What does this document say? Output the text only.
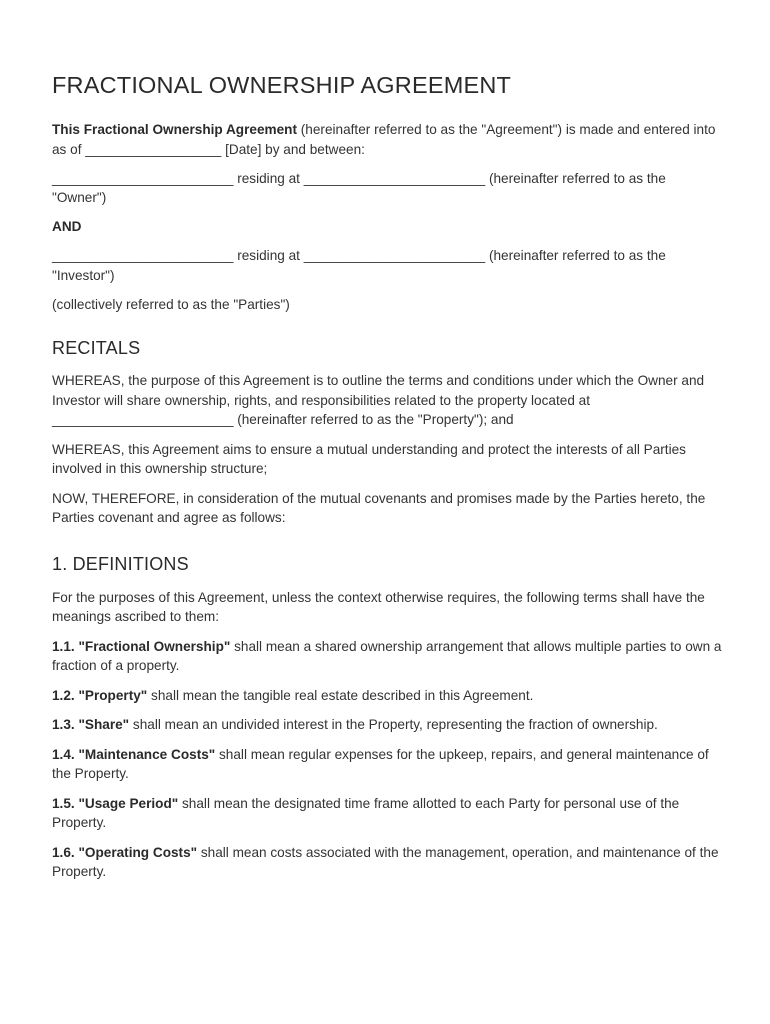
FRACTIONAL OWNERSHIP AGREEMENT

This Fractional Ownership Agreement (hereinafter referred to as the "Agreement") is made and entered into as of __________________ [Date] by and between:

________________________ residing at ________________________ (hereinafter referred to as the "Owner")

AND

________________________ residing at ________________________ (hereinafter referred to as the "Investor")

(collectively referred to as the "Parties")

RECITALS

WHEREAS, the purpose of this Agreement is to outline the terms and conditions under which the Owner and Investor will share ownership, rights, and responsibilities related to the property located at ________________________ (hereinafter referred to as the "Property"); and

WHEREAS, this Agreement aims to ensure a mutual understanding and protect the interests of all Parties involved in this ownership structure;

NOW, THEREFORE, in consideration of the mutual covenants and promises made by the Parties hereto, the Parties covenant and agree as follows:

1. DEFINITIONS

For the purposes of this Agreement, unless the context otherwise requires, the following terms shall have the meanings ascribed to them:

1.1. "Fractional Ownership" shall mean a shared ownership arrangement that allows multiple parties to own a fraction of a property.

1.2. "Property" shall mean the tangible real estate described in this Agreement.

1.3. "Share" shall mean an undivided interest in the Property, representing the fraction of ownership.

1.4. "Maintenance Costs" shall mean regular expenses for the upkeep, repairs, and general maintenance of the Property.

1.5. "Usage Period" shall mean the designated time frame allotted to each Party for personal use of the Property.

1.6. "Operating Costs" shall mean costs associated with the management, operation, and maintenance of the Property.
